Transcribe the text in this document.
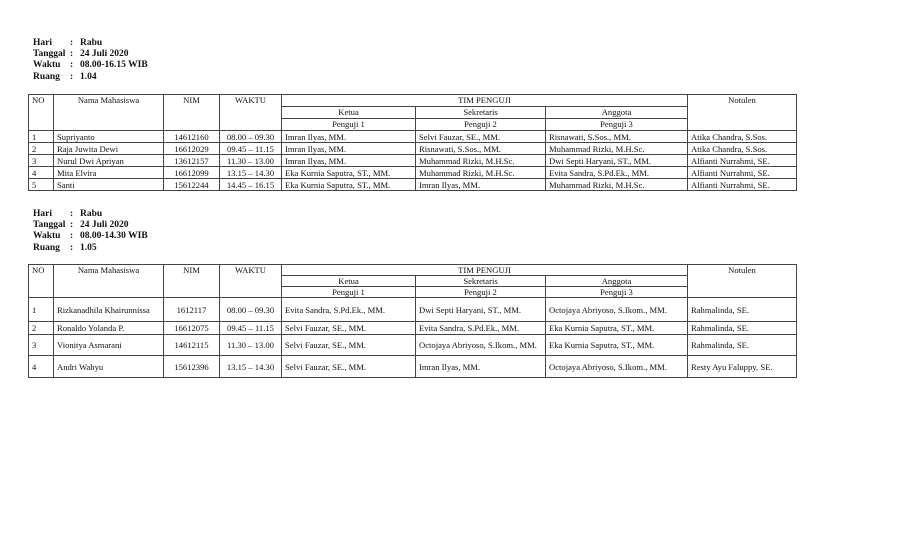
Hari	: Rabu
Tanggal : 24 Juli 2020
Waktu	: 08.00-16.15 WIB
Ruang	: 1.04
NO	Nama Mahasiswa	NIM	WAKTU	TIM PENGUJI			Notulen
				Ketua	Sekretaris	Anggota	
				Penguji 1	Penguji 2	Penguji 3	
1	Supriyanto	14612160	08.00 – 09.30	Imran Ilyas, MM.	Selvi Fauzar, SE., MM.	Risnawati, S.Sos., MM.	Atika Chandra, S.Sos.
2	Raja Juwita Dewi	16612029	09.45 – 11.15	Imran Ilyas, MM.	Risnawati, S.Sos., MM.	Muhammad Rizki, M.H.Sc.	Atika Chandra, S.Sos.
3	Nurul Dwi Apriyan	13612157	11.30 – 13.00	Imran Ilyas, MM.	Muhammad Rizki, M.H.Sc.	Dwi Septi Haryani, ST., MM.	Alfianti Nurrahmi, SE.
4	Mita Elvira	16612099	13.15 – 14.30	Eka Kurnia Saputra, ST., MM.	Muhammad Rizki, M.H.Sc.	Evita Sandra, S.Pd.Ek., MM.	Alfianti Nurrahmi, SE.
5	Santi	15612244	14.45 – 16.15	Eka Kurnia Saputra, ST., MM.	Imran Ilyas, MM.	Muhammad Rizki, M.H.Sc.	Alfianti Nurrahmi, SE.
Hari	: Rabu
Tanggal : 24 Juli 2020
Waktu	: 08.00-14.30 WIB
Ruang	: 1.05
NO	Nama Mahasiswa	NIM	WAKTU	TIM PENGUJI			Notulen
				Ketua	Sekretaris	Anggota	
				Penguji 1	Penguji 2	Penguji 3	
1	Rizkanadhila Khairunnissa	1612117	08.00 – 09.30	Evita Sandra, S.Pd.Ek., MM.	Dwi Septi Haryani, ST., MM.	Octojaya Abriyoso, S.Ikom., MM.	Rahmalinda, SE.
2	Ronaldo Yolanda P.	16612075	09.45 – 11.15	Selvi Fauzar, SE., MM.	Evita Sandra, S.Pd.Ek., MM.	Eka Kurnia Saputra, ST., MM.	Rahmalinda, SE.
3	Vionitya Asmarani	14612115	11.30 – 13.00	Selvi Fauzar, SE., MM.	Octojaya Abriyoso, S.Ikom., MM.	Eka Kurnia Saputra, ST., MM.	Rahmalinda, SE.
4	Andri Wahyu	15612396	13.15 – 14.30	Selvi Fauzar, SE., MM.	Imran Ilyas, MM.	Octojaya Abriyoso, S.Ikom., MM.	Resty Ayu Faluppy, SE.
